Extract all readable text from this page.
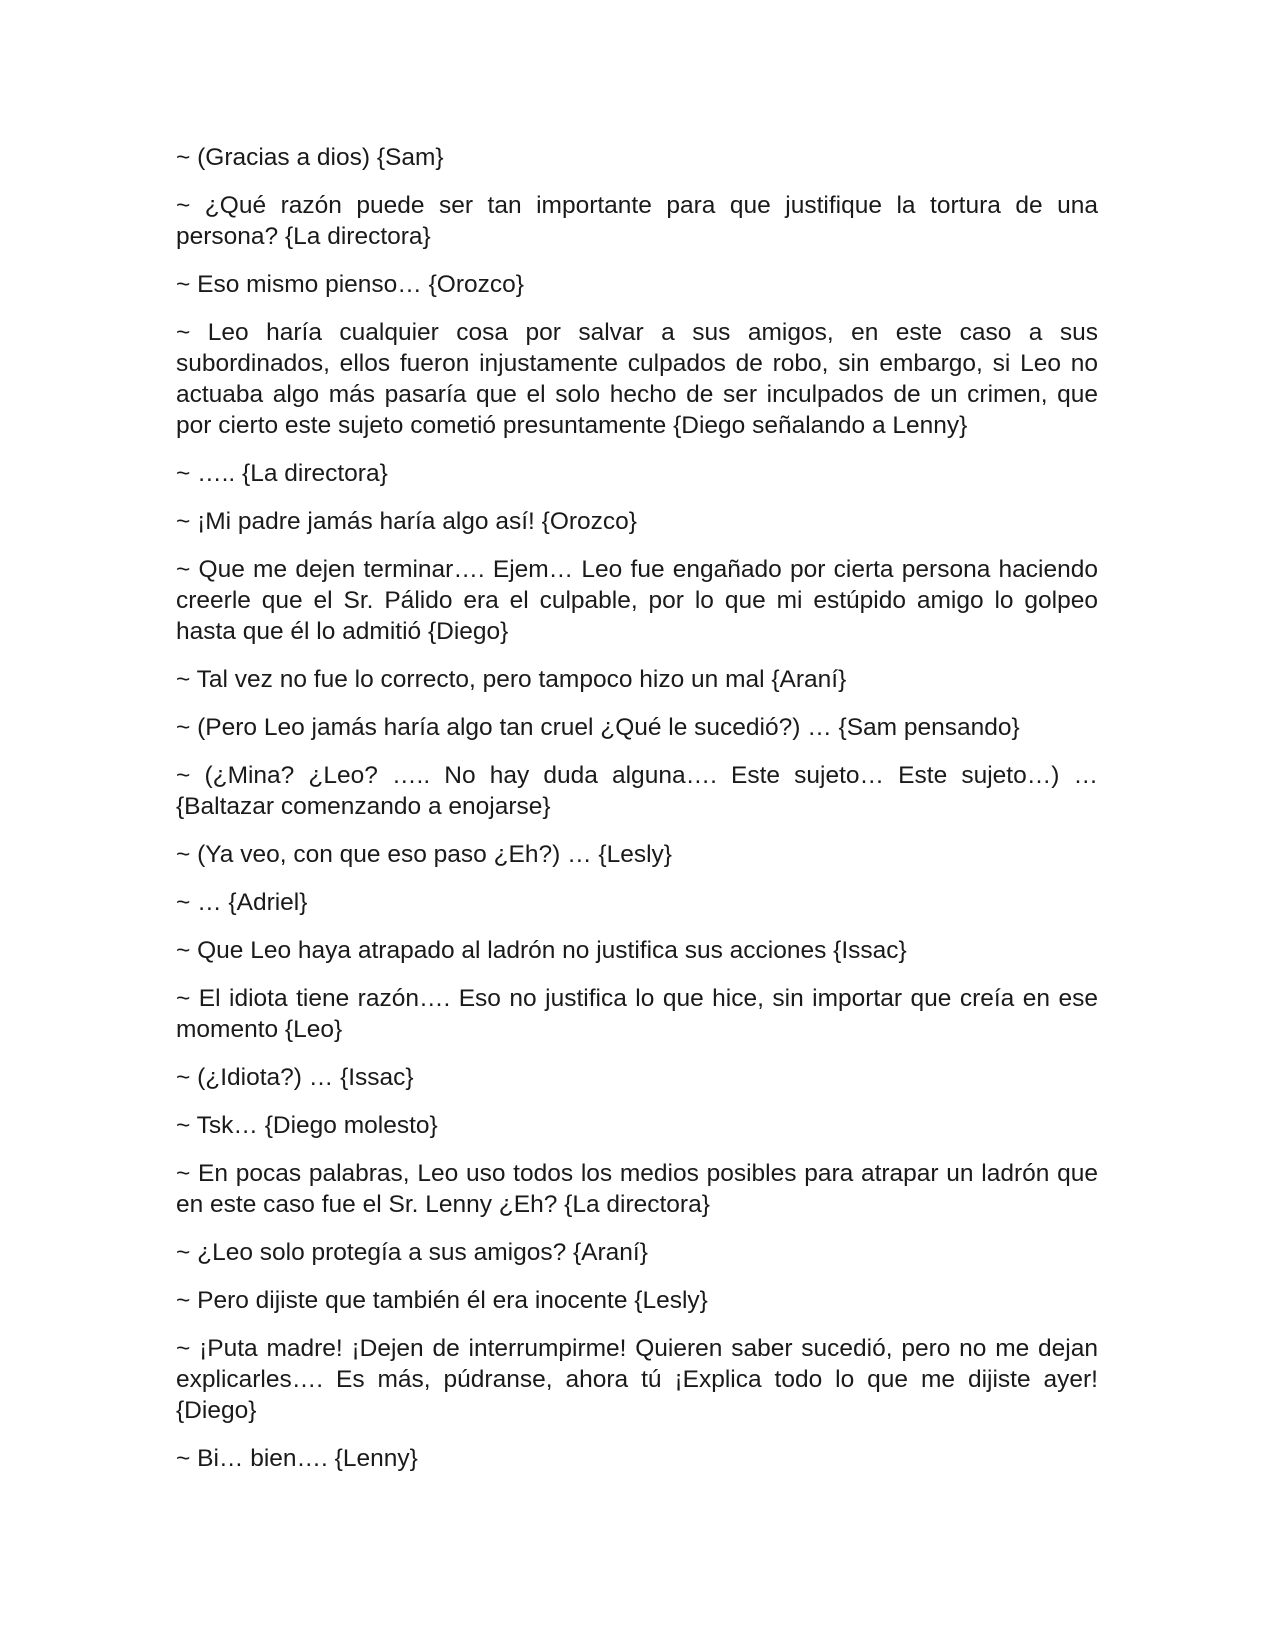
~ (Gracias a dios) {Sam}

~ ¿Qué razón puede ser tan importante para que justifique la tortura de una persona? {La directora}

~ Eso mismo pienso… {Orozco}

~ Leo haría cualquier cosa por salvar a sus amigos, en este caso a sus subordinados, ellos fueron injustamente culpados de robo, sin embargo, si Leo no actuaba algo más pasaría que el solo hecho de ser inculpados de un crimen, que por cierto este sujeto cometió presuntamente {Diego señalando a Lenny}

~ ….. {La directora}

~ ¡Mi padre jamás haría algo así! {Orozco}

~ Que me dejen terminar…. Ejem… Leo fue engañado por cierta persona haciendo creerle que el Sr. Pálido era el culpable, por lo que mi estúpido amigo lo golpeo hasta que él lo admitió {Diego}

~ Tal vez no fue lo correcto, pero tampoco hizo un mal {Araní}

~ (Pero Leo jamás haría algo tan cruel ¿Qué le sucedió?) … {Sam pensando}

~ (¿Mina? ¿Leo? ….. No hay duda alguna…. Este sujeto… Este sujeto…) … {Baltazar comenzando a enojarse}

~ (Ya veo, con que eso paso ¿Eh?) … {Lesly}

~ … {Adriel}

~ Que Leo haya atrapado al ladrón no justifica sus acciones {Issac}

~ El idiota tiene razón…. Eso no justifica lo que hice, sin importar que creía en ese momento {Leo}

~ (¿Idiota?) … {Issac}

~ Tsk… {Diego molesto}

~ En pocas palabras, Leo uso todos los medios posibles para atrapar un ladrón que en este caso fue el Sr. Lenny ¿Eh? {La directora}

~ ¿Leo solo protegía a sus amigos? {Araní}

~ Pero dijiste que también él era inocente {Lesly}

~ ¡Puta madre! ¡Dejen de interrumpirme! Quieren saber sucedió, pero no me dejan explicarles…. Es más, púdranse, ahora tú ¡Explica todo lo que me dijiste ayer! {Diego}

~ Bi… bien…. {Lenny}
